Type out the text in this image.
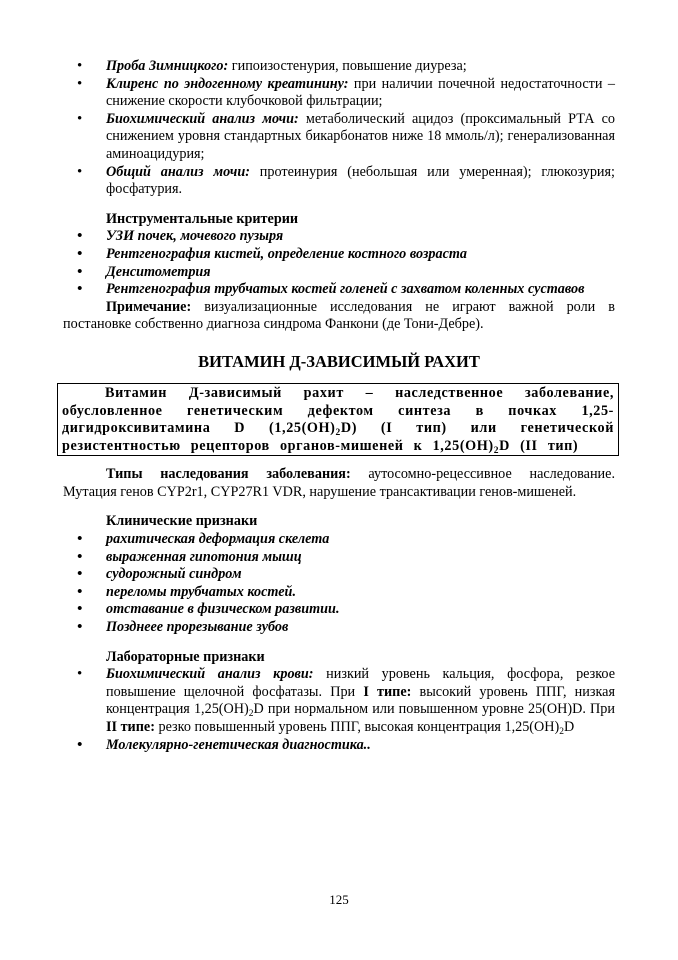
• Проба Зимницкого: гипоизостенурия, повышение диуреза;
• Клиренс по эндогенному креатинину: при наличии почечной недостаточности – снижение скорости клубочковой фильтрации;
• Биохимический анализ мочи: метаболический ацидоз (проксимальный РТА со снижением уровня стандартных бикарбонатов ниже 18 ммоль/л); генерализованная аминоацидурия;
• Общий анализ мочи: протеинурия (небольшая или умеренная); глюкозурия; фосфатурия.
Инструментальные критерии
• УЗИ почек, мочевого пузыря
• Рентгенография кистей, определение костного возраста
• Денситометрия
• Рентгенография трубчатых костей голеней с захватом коленных суставов
Примечание: визуализационные исследования не играют важной роли в постановке собственно диагноза синдрома Фанкони (де Тони-Дебре).
ВИТАМИН Д-ЗАВИСИМЫЙ РАХИТ
Витамин Д-зависимый рахит – наследственное заболевание, обусловленное генетическим дефектом синтеза в почках 1,25-дигидроксивитамина D $(1,25(OH)_2D)$ (I тип) или генетической резистентностью рецепторов органов-мишеней к $1,25(OH)_2D$ (II тип)
Типы наследования заболевания: аутосомно-рецессивное наследование. Мутация генов CYP2r1, CYP27R1 VDR, нарушение трансактивации генов-мишеней.
Клинические признаки
• рахитическая деформация скелета
• выраженная гипотония мышц
• судорожный синдром
• переломы трубчатых костей.
• отставание в физическом развитии.
• Позднеее прорезывание зубов
Лабораторные признаки
• Биохимический анализ крови: низкий уровень кальция, фосфора, резкое повышение щелочной фосфатазы. При I типе: высокий уровень ППГ, низкая концентрация $1,25(OH)_2D$ при нормальном или повышенном уровне 25(OH)D. При II типе: резко повышенный уровень ППГ, высокая концентрация $1,25(OH)_2D$
• Молекулярно-генетическая диагностика..
125
